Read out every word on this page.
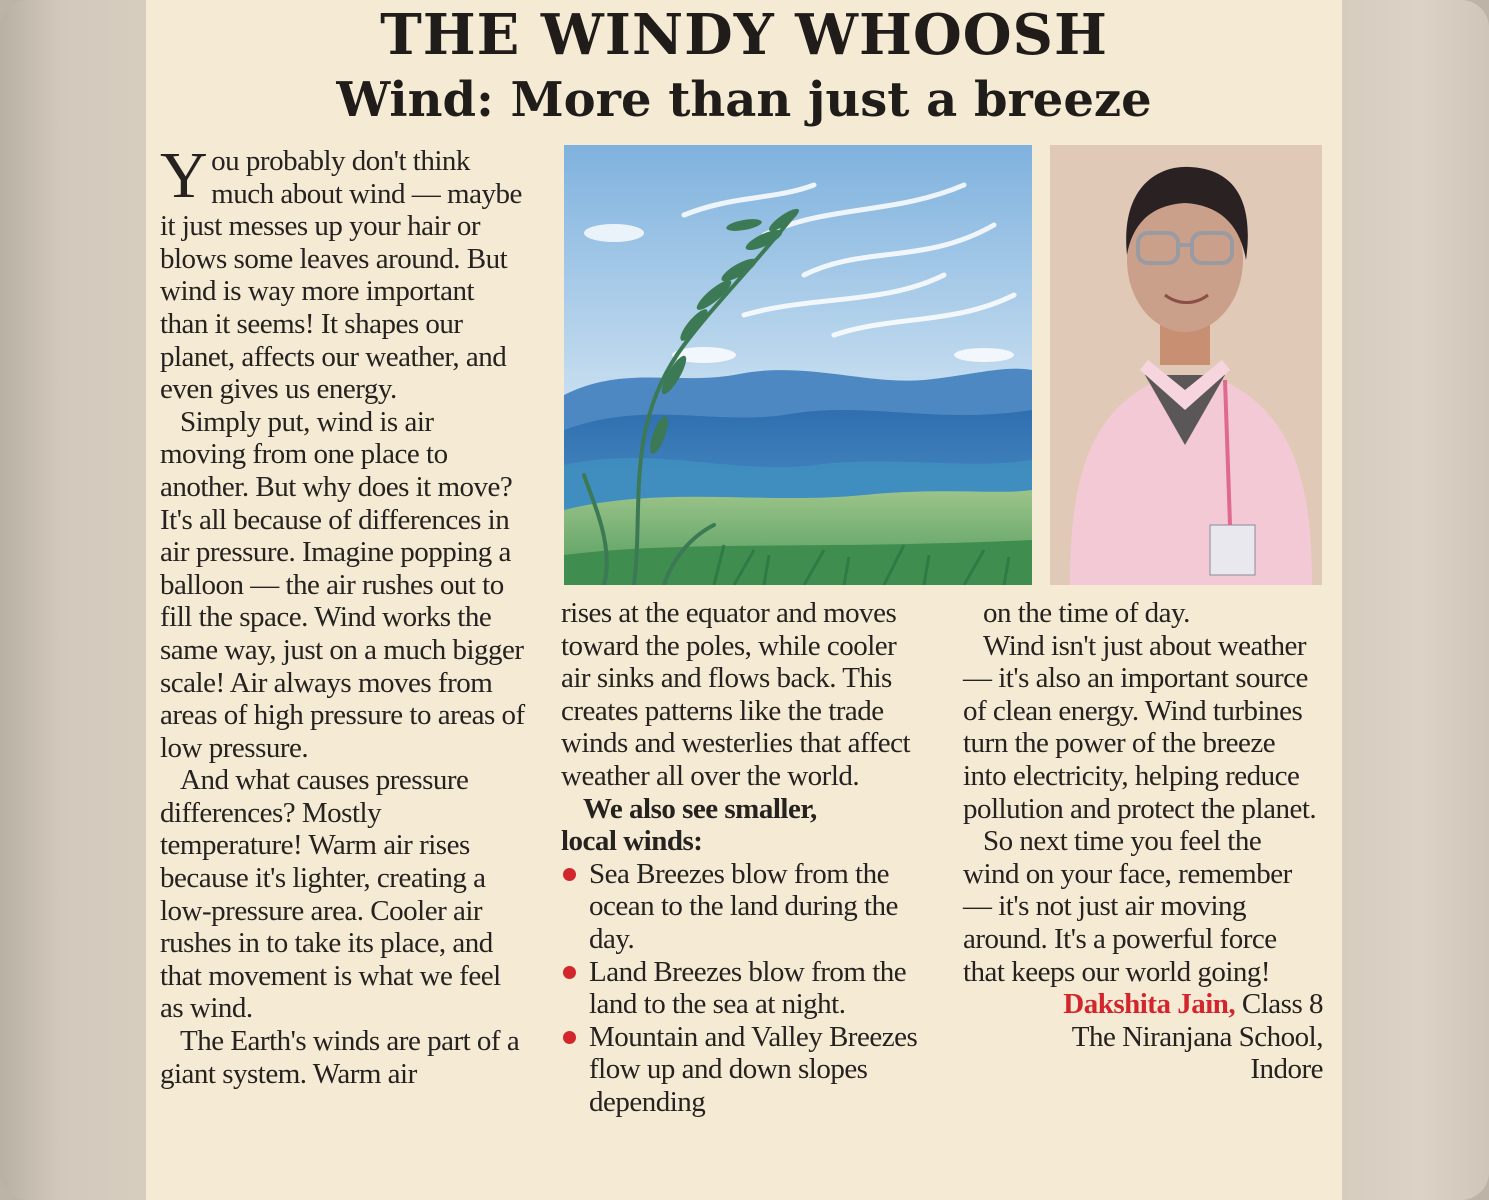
THE WINDY WHOOSH
Wind: More than just a breeze

You probably don't think much about wind — maybe it just messes up your hair or blows some leaves around. But wind is way more important than it seems! It shapes our planet, affects our weather, and even gives us energy.

Simply put, wind is air moving from one place to another. But why does it move? It's all because of differences in air pressure. Imagine popping a balloon — the air rushes out to fill the space. Wind works the same way, just on a much bigger scale! Air always moves from areas of high pressure to areas of low pressure.

And what causes pressure differences? Mostly temperature! Warm air rises because it's lighter, creating a low-pressure area. Cooler air rushes in to take its place, and that movement is what we feel as wind.

The Earth's winds are part of a giant system. Warm air

rises at the equator and moves toward the poles, while cooler air sinks and flows back. This creates patterns like the trade winds and westerlies that affect weather all over the world.

We also see smaller,

local winds:

Sea Breezes blow from the ocean to the land during the day.
Land Breezes blow from the land to the sea at night.
Mountain and Valley Breezes flow up and down slopes depending

on the time of day.

Wind isn't just about weather — it's also an important source of clean energy. Wind turbines turn the power of the breeze into electricity, helping reduce pollution and protect the planet.

So next time you feel the wind on your face, remember — it's not just air moving around. It's a powerful force that keeps our world going!

Dakshita Jain, Class 8

The Niranjana School,

Indore
